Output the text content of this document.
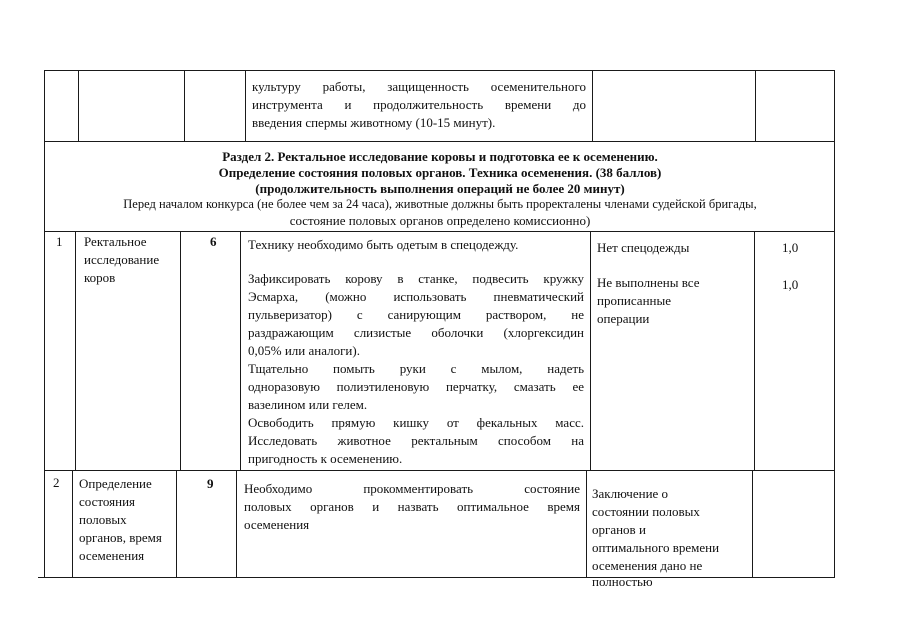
культуру работы, защищенность осеменительного
инструмента и продолжительность времени до
введения спермы животному (10-15 минут).
Раздел 2. Ректальное исследование коровы и подготовка ее к осеменению.
Определение состояния половых органов. Техника осеменения. (38 баллов)
(продолжительность выполнения операций не более 20 минут)
Перед началом конкурса (не более чем за 24 часа), животные должны быть проректалены членами судейской бригады,
состояние половых органов определено комиссионно)
1 Ректальное
исследование
коров
6 Технику необходимо быть одетым в спецодежду.
Зафиксировать корову в станке, подвесить кружку
Эсмарха, (можно использовать пневматический
пульверизатор) с санирующим раствором, не
раздражающим слизистые оболочки (хлоргексидин
0,05% или аналоги).
Тщательно помыть руки с мылом, надеть
одноразовую полиэтиленовую перчатку, смазать ее
вазелином или гелем.
Освободить прямую кишку от фекальных масс.
Исследовать животное ректальным способом на
пригодность к осеменению.
Нет спецодежды
Не выполнены все
прописанные
операции
1,0
1,0
2 Определение
состояния
половых
органов, время
осеменения
9 Необходимо прокомментировать состояние
половых органов и назвать оптимальное время
осеменения
Заключение о
состоянии половых
органов и
оптимального времени
осеменения дано не
полностью
